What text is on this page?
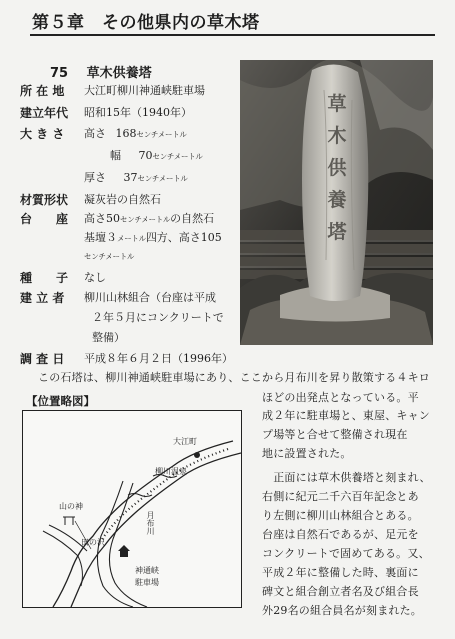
第５章　その他県内の草木塔
75 草木供養塔
所 在 地	大江町柳川神通峡駐車場
建立年代	昭和15年（1940年）
大 き さ	高さ 168センチメートル
幅 70センチメートル
厚さ 37センチメートル
材質形状	凝灰岩の自然石
台　　座	高さ50センチメートルの自然石
基壇３メートル四方、高さ105
センチメートル
種　　子	なし
建 立 者	柳川山林組合（台座は平成
２年５月にコンクリートで
整備）
調 査 日	平成８年６月２日（1996年）
草木供養塔
この石塔は、柳川神通峡駐車場にあり、ここから月布川を昇り散策する４キロ
ほどの出発点となっている。平
成２年に駐車場と、東屋、キャン
プ場等と合せて整備され現在
地に設置された。
　正面には草木供養塔と刻まれ、
右側に紀元二千六百年記念とあ
り左側に柳川山林組合とある。
台座は自然石であるが、足元を
コンクリートで固めてある。又、
平成２年に整備した時、裏面に
碑文と組合創立者名及び組合長
外29名の組合員名が刻まれた。
【位置略図】
大江町
柳川温泉
山の神
田の沢
月布川
神通峡
駐車場
